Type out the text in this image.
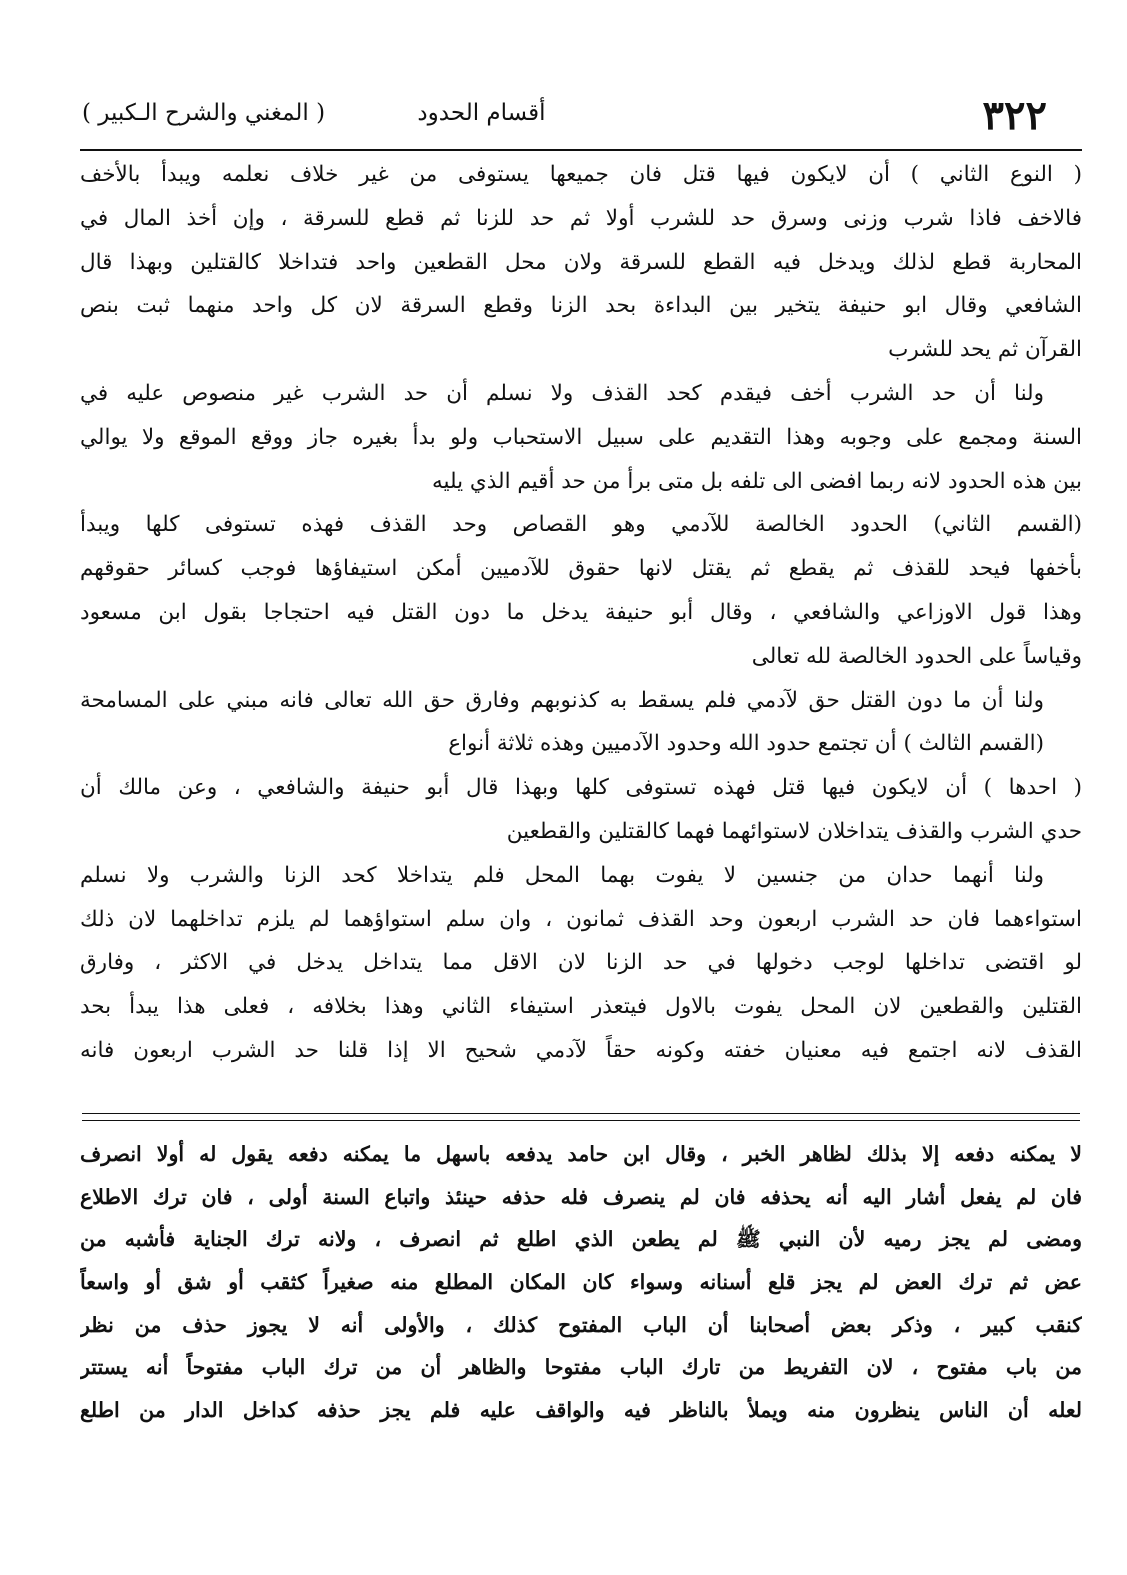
٣٢٢
أقسام الحدود
( المغني والشرح الـكبير )
( النوع الثاني ) أن لايكون فيها قتل فان جميعها يستوفى من غير خلاف نعلمه ويبدأ بالأخف
فالاخف فاذا شرب وزنى وسرق حد للشرب أولا ثم حد للزنا ثم قطع للسرقة ، وإن أخذ المال في
المحاربة قطع لذلك ويدخل فيه القطع للسرقة ولان محل القطعين واحد فتداخلا كالقتلين وبهذا قال
الشافعي وقال ابو حنيفة يتخير بين البداءة بحد الزنا وقطع السرقة لان كل واحد منهما ثبت بنص
القرآن ثم يحد للشرب
ولنا أن حد الشرب أخف فيقدم كحد القذف ولا نسلم أن حد الشرب غير منصوص عليه في
السنة ومجمع على وجوبه وهذا التقديم على سبيل الاستحباب ولو بدأ بغيره جاز ووقع الموقع ولا يوالي
بين هذه الحدود لانه ربما افضى الى تلفه بل متى برأ من حد أقيم الذي يليه
(القسم الثاني) الحدود الخالصة للآدمي وهو القصاص وحد القذف فهذه تستوفى كلها ويبدأ
بأخفها فيحد للقذف ثم يقطع ثم يقتل لانها حقوق للآدميين أمكن استيفاؤها فوجب كسائر حقوقهم
وهذا قول الاوزاعي والشافعي ، وقال أبو حنيفة يدخل ما دون القتل فيه احتجاجا بقول ابن مسعود
وقياساً على الحدود الخالصة لله تعالى
ولنا أن ما دون القتل حق لآدمي فلم يسقط به كذنوبهم وفارق حق الله تعالى فانه مبني على المسامحة
(القسم الثالث ) أن تجتمع حدود الله وحدود الآدميين وهذه ثلاثة أنواع
( احدها ) أن لايكون فيها قتل فهذه تستوفى كلها وبهذا قال أبو حنيفة والشافعي ، وعن مالك أن
حدي الشرب والقذف يتداخلان لاستوائهما فهما كالقتلين والقطعين
ولنا أنهما حدان من جنسين لا يفوت بهما المحل فلم يتداخلا كحد الزنا والشرب ولا نسلم
استواءهما فان حد الشرب اربعون وحد القذف ثمانون ، وان سلم استواؤهما لم يلزم تداخلهما لان ذلك
لو اقتضى تداخلها لوجب دخولها في حد الزنا لان الاقل مما يتداخل يدخل في الاكثر ، وفارق
القتلين والقطعين لان المحل يفوت بالاول فيتعذر استيفاء الثاني وهذا بخلافه ، فعلى هذا يبدأ بحد
القذف لانه اجتمع فيه معنيان خفته وكونه حقاً لآدمي شحيح الا إذا قلنا حد الشرب اربعون فانه
لا يمكنه دفعه إلا بذلك لظاهر الخبر ، وقال ابن حامد يدفعه باسهل ما يمكنه دفعه يقول له أولا انصرف
فان لم يفعل أشار اليه أنه يحذفه فان لم ينصرف فله حذفه حينئذ واتباع السنة أولى ، فان ترك الاطلاع
ومضى لم يجز رميه لأن النبي ﷺ لم يطعن الذي اطلع ثم انصرف ، ولانه ترك الجناية فأشبه من
عض ثم ترك العض لم يجز قلع أسنانه وسواء كان المكان المطلع منه صغيراً كثقب أو شق أو واسعاً
كنقب كبير ، وذكر بعض أصحابنا أن الباب المفتوح كذلك ، والأولى أنه لا يجوز حذف من نظر
من باب مفتوح ، لان التفريط من تارك الباب مفتوحا والظاهر أن من ترك الباب مفتوحاً أنه يستتر
لعله أن الناس ينظرون منه ويملأ بالناظر فيه والواقف عليه فلم يجز حذفه كداخل الدار من اطلع
